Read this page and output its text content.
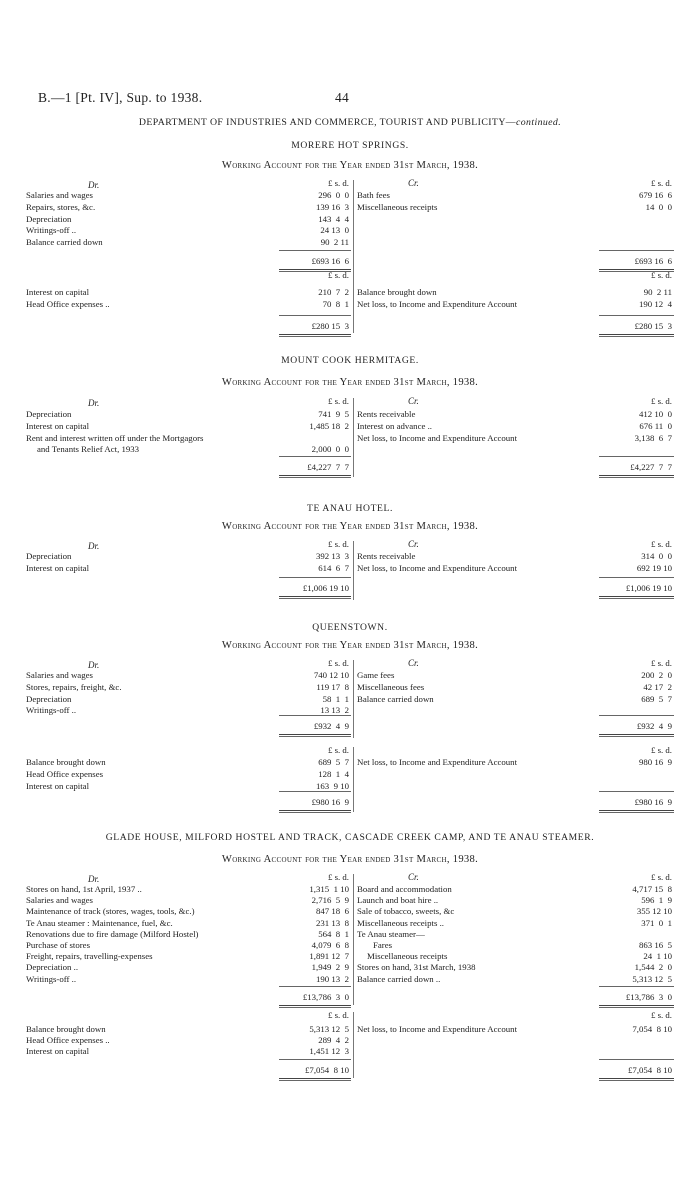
B.—1 [Pt. IV], Sup. to 1938.	44
DEPARTMENT OF INDUSTRIES AND COMMERCE, TOURIST AND PUBLICITY—continued.
MORERE HOT SPRINGS.
Working Account for the Year ended 31st March, 1938.
Dr.	Cr.
£ s. d.	£ s. d.
Salaries and wages	296  0  0
Repairs, stores, &c.	139 16  3
Depreciation	143  4  4
Writings-off ..	24 13  0
Balance carried down	90  2 11
Bath fees	679 16  6
Miscellaneous receipts	14  0  0
£693 16  6	£693 16  6
£ s. d.	£ s. d.
Interest on capital	210  7  2
Head Office expenses ..	70  8  1
Balance brought down	90  2 11
Net loss, to Income and Expenditure Account	190 12  4
£280 15  3	£280 15  3
MOUNT COOK HERMITAGE.
Working Account for the Year ended 31st March, 1938.
Dr.	Cr.
£ s. d.	£ s. d.
Depreciation	741  9  5
Interest on capital	1,485 18  2
Rent and interest written off under the Mortgagors
and Tenants Relief Act, 1933	2,000  0  0
Rents receivable	412 10  0
Interest on advance ..	676 11  0
Net loss, to Income and Expenditure Account	3,138  6  7
£4,227  7  7	£4,227  7  7
TE ANAU HOTEL.
Working Account for the Year ended 31st March, 1938.
Dr.	Cr.
£ s. d.	£ s. d.
Depreciation	392 13  3
Interest on capital	614  6  7
Rents receivable	314  0  0
Net loss, to Income and Expenditure Account	692 19 10
£1,006 19 10	£1,006 19 10
QUEENSTOWN.
Working Account for the Year ended 31st March, 1938.
Dr.	Cr.
£ s. d.	£ s. d.
Salaries and wages	740 12 10
Stores, repairs, freight, &c.	119 17  8
Depreciation	58  1  1
Writings-off ..	13 13  2
Game fees	200  2  0
Miscellaneous fees	42 17  2
Balance carried down	689  5  7
£932  4  9	£932  4  9
£ s. d.	£ s. d.
Balance brought down	689  5  7
Head Office expenses	128  1  4
Interest on capital	163  9 10
Net loss, to Income and Expenditure Account	980 16  9
£980 16  9	£980 16  9
GLADE HOUSE, MILFORD HOSTEL AND TRACK, CASCADE CREEK CAMP, AND TE ANAU STEAMER.
Working Account for the Year ended 31st March, 1938.
Dr.	Cr.
£ s. d.	£ s. d.
Stores on hand, 1st April, 1937 ..	1,315  1 10
Salaries and wages	2,716  5  9
Maintenance of track (stores, wages, tools, &c.)	847 18  6
Te Anau steamer : Maintenance, fuel, &c.	231 13  8
Renovations due to fire damage (Milford Hostel)	564  8  1
Purchase of stores	4,079  6  8
Freight, repairs, travelling-expenses	1,891 12  7
Depreciation ..	1,949  2  9
Writings-off ..	190 13  2
Board and accommodation	4,717 15  8
Launch and boat hire ..	596  1  9
Sale of tobacco, sweets, &c	355 12 10
Miscellaneous receipts ..	371  0  1
Te Anau steamer—
Fares	863 16  5
Miscellaneous receipts	24  1 10
Stores on hand, 31st March, 1938	1,544  2  0
Balance carried down ..	5,313 12  5
£13,786  3  0	£13,786  3  0
£ s. d.	£ s. d.
Balance brought down	5,313 12  5
Head Office expenses ..	289  4  2
Interest on capital	1,451 12  3
Net loss, to Income and Expenditure Account	7,054  8 10
£7,054  8 10	£7,054  8 10
